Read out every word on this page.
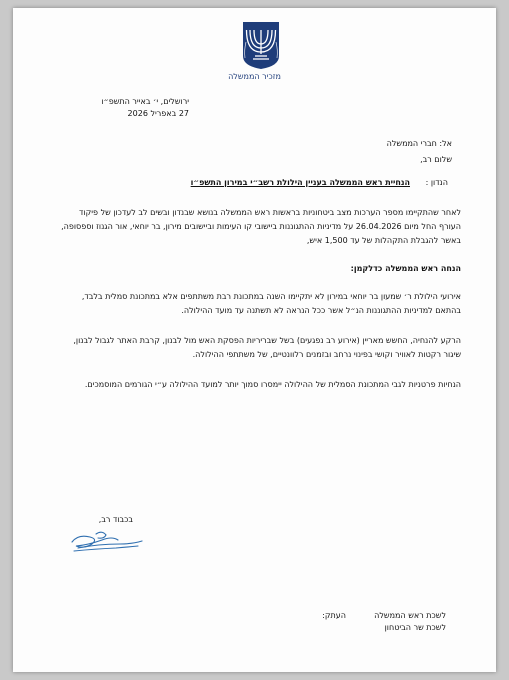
מזכיר הממשלה
ירושלים, י׳ באייר התשפ״ו
27 באפריל 2026
אל: חברי הממשלה
שלום רב,
הנדון :
הנחיית ראש הממשלה בעניין הילולת רשב״י במירון התשפ״ו
לאחר שהתקיימו מספר הערכות מצב ביטחוניות בראשות ראש הממשלה בנושא שבנדון ובשים לב לעדכון של פיקוד העורף החל מיום 26.04.2026 על מדיניות ההתגוננות ביישובי קו העימות וביישובים מירון, בר יוחאי, אור הגנוז וספסופה, באשר להגבלת התקהלות של עד 1,500 איש,
הנחה ראש הממשלה כדלקמן:
אירועי הילולת ר׳ שמעון בר יוחאי במירון לא יתקיימו השנה במתכונת רבת משתתפים אלא במתכונת סמלית בלבד, בהתאם למדיניות ההתגוננות הנ״ל אשר ככל הנראה לא תשתנה עד מועד ההילולה.
הרקע להנחיה, החשש מאריין (אירוע רב נפגעים) בשל שבריריות הפסקת האש מול לבנון, קרבת האתר לגבול לבנון, שיגור רקטות לאוויר וקושי בפינוי נרחב ובזמנים רלוונטיים, של משתתפי ההילולה.
הנחיות פרטניות לגבי המתכונת הסמלית של ההילולה יימסרו סמוך יותר למועד ההילולה ע״י הגורמים המוסמכים.
בכבוד רב,
העתק:	לשכת ראש הממשלה
לשכת שר הביטחון
